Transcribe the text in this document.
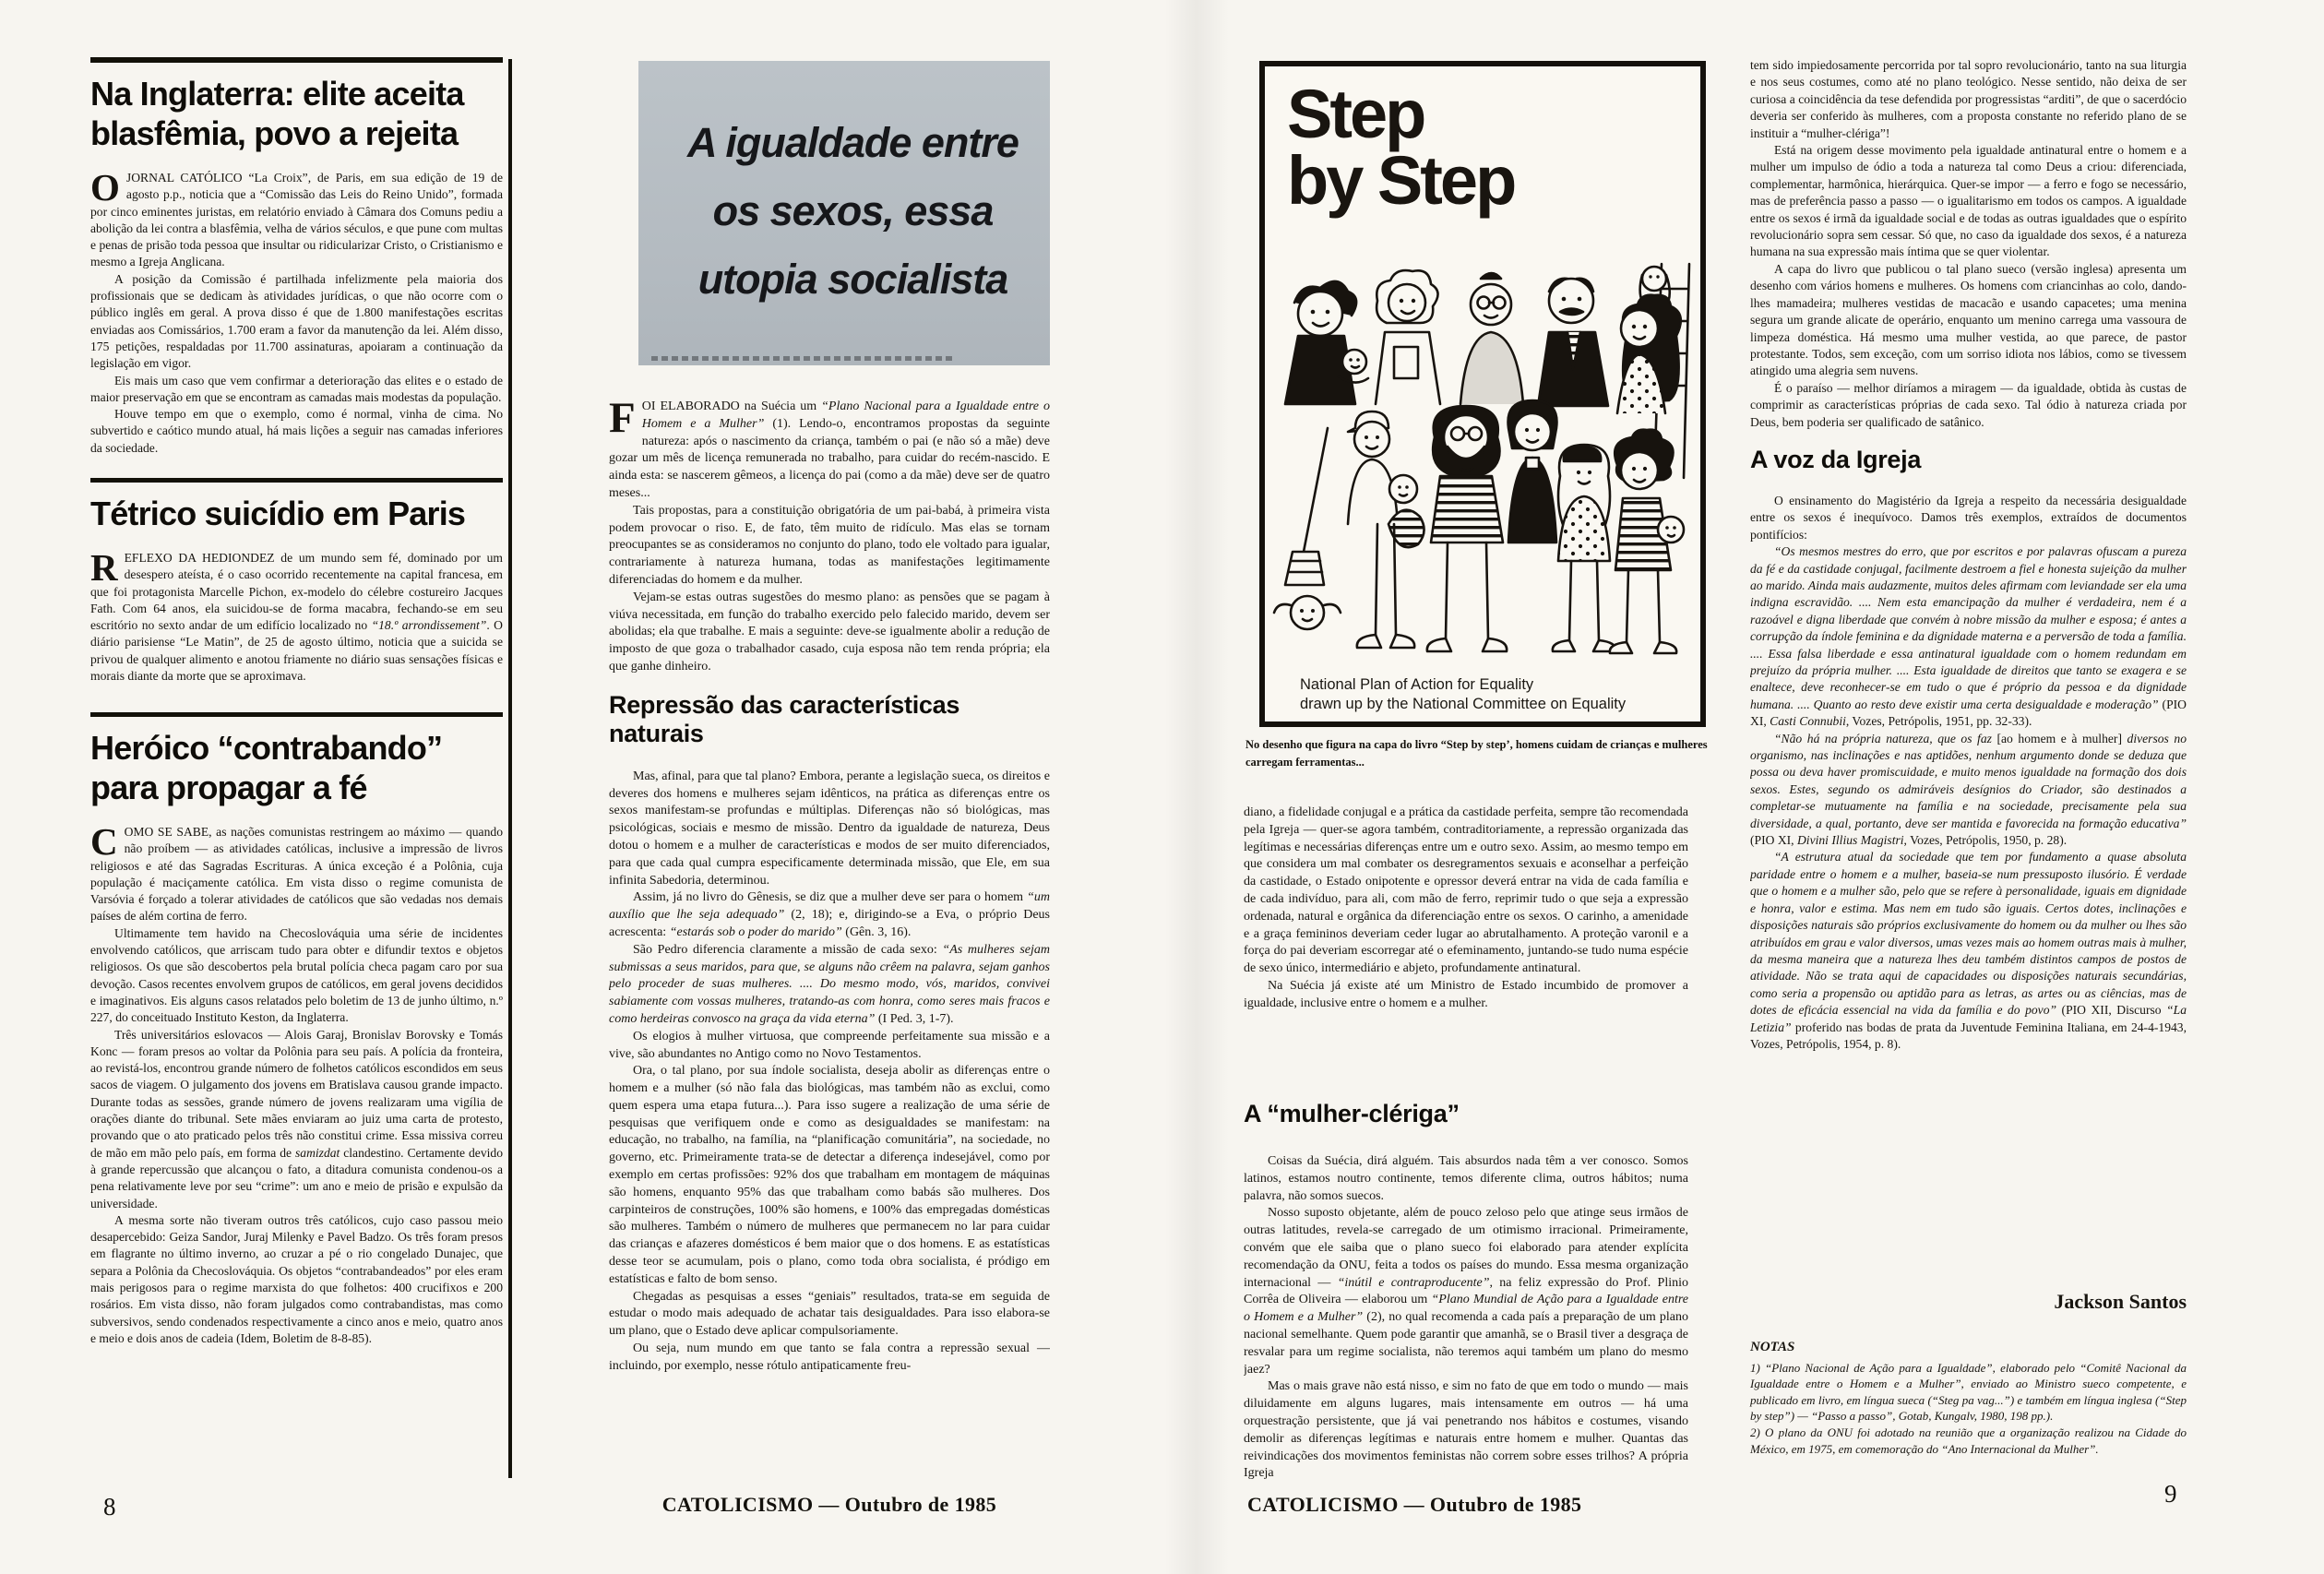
Na Inglaterra: elite aceita
blasfêmia, povo a rejeita

OJORNAL CATÓLICO “La Croix”, de Paris, em sua edição de 19 de agosto p.p., noticia que a “Comissão das Leis do Reino Unido”, formada por cinco eminentes juristas, em relatório enviado à Câmara dos Comuns pediu a abolição da lei contra a blasfêmia, velha de vários séculos, e que pune com multas e penas de prisão toda pessoa que insultar ou ridicularizar Cristo, o Cristianismo e mesmo a Igreja Anglicana.

A posição da Comissão é partilhada infelizmente pela maioria dos profissionais que se dedicam às atividades jurídicas, o que não ocorre com o público inglês em geral. A prova disso é que de 1.800 manifestações escritas enviadas aos Comissários, 1.700 eram a favor da manutenção da lei. Além disso, 175 petições, respaldadas por 11.700 assinaturas, apoiaram a continuação da legislação em vigor.

Eis mais um caso que vem confirmar a deterioração das elites e o estado de maior preservação em que se encontram as camadas mais modestas da população.

Houve tempo em que o exemplo, como é normal, vinha de cima. No subvertido e caótico mundo atual, há mais lições a seguir nas camadas inferiores da sociedade.

Tétrico suicídio em Paris

REFLEXO DA HEDIONDEZ de um mundo sem fé, dominado por um desespero ateísta, é o caso ocorrido recentemente na capital francesa, em que foi protagonista Marcelle Pichon, ex-modelo do célebre costureiro Jacques Fath. Com 64 anos, ela suicidou-se de forma macabra, fechando-se em seu escritório no sexto andar de um edifício localizado no “18.º arrondissement”. O diário parisiense “Le Matin”, de 25 de agosto último, noticia que a suicida se privou de qualquer alimento e anotou friamente no diário suas sensações físicas e morais diante da morte que se aproximava.

Heróico “contrabando”
para propagar a fé

COMO SE SABE, as nações comunistas restringem ao máximo — quando não proíbem — as atividades católicas, inclusive a impressão de livros religiosos e até das Sagradas Escrituras. A única exceção é a Polônia, cuja população é maciçamente católica. Em vista disso o regime comunista de Varsóvia é forçado a tolerar atividades de católicos que são vedadas nos demais países de além cortina de ferro.

Ultimamente tem havido na Checoslováquia uma série de incidentes envolvendo católicos, que arriscam tudo para obter e difundir textos e objetos religiosos. Os que são descobertos pela brutal polícia checa pagam caro por sua devoção. Casos recentes envolvem grupos de católicos, em geral jovens decididos e imaginativos. Eis alguns casos relatados pelo boletim de 13 de junho último, n.º 227, do conceituado Instituto Keston, da Inglaterra.

Três universitários eslovacos — Alois Garaj, Bronislav Borovsky e Tomás Konc — foram presos ao voltar da Polônia para seu país. A polícia da fronteira, ao revistá-los, encontrou grande número de folhetos católicos escondidos em seus sacos de viagem. O julgamento dos jovens em Bratislava causou grande impacto. Durante todas as sessões, grande número de jovens realizaram uma vigília de orações diante do tribunal. Sete mães enviaram ao juiz uma carta de protesto, provando que o ato praticado pelos três não constitui crime. Essa missiva correu de mão em mão pelo país, em forma de samizdat clandestino. Certamente devido à grande repercussão que alcançou o fato, a ditadura comunista condenou-os a pena relativamente leve por seu “crime”: um ano e meio de prisão e expulsão da universidade.

A mesma sorte não tiveram outros três católicos, cujo caso passou meio desapercebido: Geiza Sandor, Juraj Milenky e Pavel Badzo. Os três foram presos em flagrante no último inverno, ao cruzar a pé o rio congelado Dunajec, que separa a Polônia da Checoslováquia. Os objetos “contrabandeados” por eles eram mais perigosos para o regime marxista do que folhetos: 400 crucifixos e 200 rosários. Em vista disso, não foram julgados como contrabandistas, mas como subversivos, sendo condenados respectivamente a cinco anos e meio, quatro anos e meio e dois anos de cadeia (Idem, Boletim de 8-8-85).

8
A igualdade entre
os sexos, essa
utopia socialista

FOI ELABORADO na Suécia um “Plano Nacional para a Igualdade entre o Homem e a Mulher” (1). Lendo-o, encontramos propostas da seguinte natureza: após o nascimento da criança, também o pai (e não só a mãe) deve gozar um mês de licença remunerada no trabalho, para cuidar do recém-nascido. E ainda esta: se nascerem gêmeos, a licença do pai (como a da mãe) deve ser de quatro meses...

Tais propostas, para a constituição obrigatória de um pai-babá, à primeira vista podem provocar o riso. E, de fato, têm muito de ridículo. Mas elas se tornam preocupantes se as consideramos no conjunto do plano, todo ele voltado para igualar, contrariamente à natureza humana, todas as manifestações legitimamente diferenciadas do homem e da mulher.

Vejam-se estas outras sugestões do mesmo plano: as pensões que se pagam à viúva necessitada, em função do trabalho exercido pelo falecido marido, devem ser abolidas; ela que trabalhe. E mais a seguinte: deve-se igualmente abolir a redução de imposto de que goza o trabalhador casado, cuja esposa não tem renda própria; ela que ganhe dinheiro.

Repressão das características naturais

Mas, afinal, para que tal plano? Embora, perante a legislação sueca, os direitos e deveres dos homens e mulheres sejam idênticos, na prática as diferenças entre os sexos manifestam-se profundas e múltiplas. Diferenças não só biológicas, mas psicológicas, sociais e mesmo de missão. Dentro da igualdade de natureza, Deus dotou o homem e a mulher de características e modos de ser muito diferenciados, para que cada qual cumpra especificamente determinada missão, que Ele, em sua infinita Sabedoria, determinou.

Assim, já no livro do Gênesis, se diz que a mulher deve ser para o homem “um auxílio que lhe seja adequado” (2, 18); e, dirigindo-se a Eva, o próprio Deus acrescenta: “estarás sob o poder do marido” (Gên. 3, 16).

São Pedro diferencia claramente a missão de cada sexo: “As mulheres sejam submissas a seus maridos, para que, se alguns não crêem na palavra, sejam ganhos pelo proceder de suas mulheres. .... Do mesmo modo, vós, maridos, convivei sabiamente com vossas mulheres, tratando-as com honra, como seres mais fracos e como herdeiras convosco na graça da vida eterna” (I Ped. 3, 1-7).

Os elogios à mulher virtuosa, que compreende perfeitamente sua missão e a vive, são abundantes no Antigo como no Novo Testamentos.

Ora, o tal plano, por sua índole socialista, deseja abolir as diferenças entre o homem e a mulher (só não fala das biológicas, mas também não as exclui, como quem espera uma etapa futura...). Para isso sugere a realização de uma série de pesquisas que verifiquem onde e como as desigualdades se manifestam: na educação, no trabalho, na família, na “planificação comunitária”, na sociedade, no governo, etc. Primeiramente trata-se de detectar a diferença indesejável, como por exemplo em certas profissões: 92% dos que trabalham em montagem de máquinas são homens, enquanto 95% das que trabalham como babás são mulheres. Dos carpinteiros de construções, 100% são homens, e 100% das empregadas domésticas são mulheres. Também o número de mulheres que permanecem no lar para cuidar das crianças e afazeres domésticos é bem maior que o dos homens. E as estatísticas desse teor se acumulam, pois o plano, como toda obra socialista, é pródigo em estatísticas e falto de bom senso.

Chegadas as pesquisas a esses “geniais” resultados, trata-se em seguida de estudar o modo mais adequado de achatar tais desigualdades. Para isso elabora-se um plano, que o Estado deve aplicar compulsoriamente.

Ou seja, num mundo em que tanto se fala contra a repressão sexual — incluindo, por exemplo, nesse rótulo antipaticamente freu-

CATOLICISMO — Outubro de 1985
Step
by Step
National Plan of Action for Equality
drawn up by the National Committee on Equality
No desenho que figura na capa do livro “Step by step’, homens cuidam de crianças e mulheres
carregam ferramentas...

diano, a fidelidade conjugal e a prática da castidade perfeita, sempre tão recomendada pela Igreja — quer-se agora também, contraditoriamente, a repressão organizada das legítimas e necessárias diferenças entre um e outro sexo. Assim, ao mesmo tempo em que considera um mal combater os desregramentos sexuais e aconselhar a perfeição da castidade, o Estado onipotente e opressor deverá entrar na vida de cada família e de cada indivíduo, para ali, com mão de ferro, reprimir tudo o que seja a expressão ordenada, natural e orgânica da diferenciação entre os sexos. O carinho, a amenidade e a graça femininos deveriam ceder lugar ao abrutalhamento. A proteção varonil e a força do pai deveriam escorregar até o efeminamento, juntando-se tudo numa espécie de sexo único, intermediário e abjeto, profundamente antinatural.

Na Suécia já existe até um Ministro de Estado incumbido de promover a igualdade, inclusive entre o homem e a mulher.

A “mulher-clériga”

Coisas da Suécia, dirá alguém. Tais absurdos nada têm a ver conosco. Somos latinos, estamos noutro continente, temos diferente clima, outros hábitos; numa palavra, não somos suecos.

Nosso suposto objetante, além de pouco zeloso pelo que atinge seus irmãos de outras latitudes, revela-se carregado de um otimismo irracional. Primeiramente, convém que ele saiba que o plano sueco foi elaborado para atender explícita recomendação da ONU, feita a todos os países do mundo. Essa mesma organização internacional — “inútil e contraproducente”, na feliz expressão do Prof. Plinio Corrêa de Oliveira — elaborou um “Plano Mundial de Ação para a Igualdade entre o Homem e a Mulher” (2), no qual recomenda a cada país a preparação de um plano nacional semelhante. Quem pode garantir que amanhã, se o Brasil tiver a desgraça de resvalar para um regime socialista, não teremos aqui também um plano do mesmo jaez?

Mas o mais grave não está nisso, e sim no fato de que em todo o mundo — mais diluidamente em alguns lugares, mais intensamente em outros — há uma orquestração persistente, que já vai penetrando nos hábitos e costumes, visando demolir as diferenças legítimas e naturais entre homem e mulher. Quantas das reivindicações dos movimentos feministas não correm sobre esses trilhos? A própria Igreja

CATOLICISMO — Outubro de 1985

tem sido impiedosamente percorrida por tal sopro revolucionário, tanto na sua liturgia e nos seus costumes, como até no plano teológico. Nesse sentido, não deixa de ser curiosa a coincidência da tese defendida por progressistas “arditi”, de que o sacerdócio deveria ser conferido às mulheres, com a proposta constante no referido plano de se instituir a “mulher-clériga”!

Está na origem desse movimento pela igualdade antinatural entre o homem e a mulher um impulso de ódio a toda a natureza tal como Deus a criou: diferenciada, complementar, harmônica, hierárquica. Quer-se impor — a ferro e fogo se necessário, mas de preferência passo a passo — o igualitarismo em todos os campos. A igualdade entre os sexos é irmã da igualdade social e de todas as outras igualdades que o espírito revolucionário sopra sem cessar. Só que, no caso da igualdade dos sexos, é a natureza humana na sua expressão mais íntima que se quer violentar.

A capa do livro que publicou o tal plano sueco (versão inglesa) apresenta um desenho com vários homens e mulheres. Os homens com criancinhas ao colo, dando-lhes mamadeira; mulheres vestidas de macacão e usando capacetes; uma menina segura um grande alicate de operário, enquanto um menino carrega uma vassoura de limpeza doméstica. Há mesmo uma mulher vestida, ao que parece, de pastor protestante. Todos, sem exceção, com um sorriso idiota nos lábios, como se tivessem atingido uma alegria sem nuvens.

É o paraíso — melhor diríamos a miragem — da igualdade, obtida às custas de comprimir as características próprias de cada sexo. Tal ódio à natureza criada por Deus, bem poderia ser qualificado de satânico.

A voz da Igreja

O ensinamento do Magistério da Igreja a respeito da necessária desigualdade entre os sexos é inequívoco. Damos três exemplos, extraídos de documentos pontifícios:

“Os mesmos mestres do erro, que por escritos e por palavras ofuscam a pureza da fé e da castidade conjugal, facilmente destroem a fiel e honesta sujeição da mulher ao marido. Ainda mais audazmente, muitos deles afirmam com leviandade ser ela uma indigna escravidão. .... Nem esta emancipação da mulher é verdadeira, nem é a razoável e digna liberdade que convém à nobre missão da mulher e esposa; é antes a corrupção da índole feminina e da dignidade materna e a perversão de toda a família. .... Essa falsa liberdade e essa antinatural igualdade com o homem redundam em prejuízo da própria mulher. .... Esta igualdade de direitos que tanto se exagera e se enaltece, deve reconhecer-se em tudo o que é próprio da pessoa e da dignidade humana. .... Quanto ao resto deve existir uma certa desigualdade e moderação” (PIO XI, Casti Connubii, Vozes, Petrópolis, 1951, pp. 32-33).

“Não há na própria natureza, que os faz [ao homem e à mulher] diversos no organismo, nas inclinações e nas aptidões, nenhum argumento donde se deduza que possa ou deva haver promiscuidade, e muito menos igualdade na formação dos dois sexos. Estes, segundo os admiráveis desígnios do Criador, são destinados a completar-se mutuamente na família e na sociedade, precisamente pela sua diversidade, a qual, portanto, deve ser mantida e favorecida na formação educativa” (PIO XI, Divini Illius Magistri, Vozes, Petrópolis, 1950, p. 28).

“A estrutura atual da sociedade que tem por fundamento a quase absoluta paridade entre o homem e a mulher, baseia-se num pressuposto ilusório. É verdade que o homem e a mulher são, pelo que se refere à personalidade, iguais em dignidade e honra, valor e estima. Mas nem em tudo são iguais. Certos dotes, inclinações e disposições naturais são próprios exclusivamente do homem ou da mulher ou lhes são atribuídos em grau e valor diversos, umas vezes mais ao homem outras mais à mulher, da mesma maneira que a natureza lhes deu também distintos campos de postos de atividade. Não se trata aqui de capacidades ou disposições naturais secundárias, como seria a propensão ou aptidão para as letras, as artes ou as ciências, mas de dotes de eficácia essencial na vida da família e do povo” (PIO XII, Discurso “La Letizia” proferido nas bodas de prata da Juventude Feminina Italiana, em 24-4-1943, Vozes, Petrópolis, 1954, p. 8).

Jackson Santos
NOTAS

1) “Plano Nacional de Ação para a Igualdade”, elaborado pelo “Comitê Nacional da Igualdade entre o Homem e a Mulher”, enviado ao Ministro sueco competente, e publicado em livro, em língua sueca (“Steg pa vag...”) e também em língua inglesa (“Step by step”) — “Passo a passo”, Gotab, Kungalv, 1980, 198 pp.).

2) O plano da ONU foi adotado na reunião que a organização realizou na Cidade do México, em 1975, em comemoração do “Ano Internacional da Mulher”.

9
